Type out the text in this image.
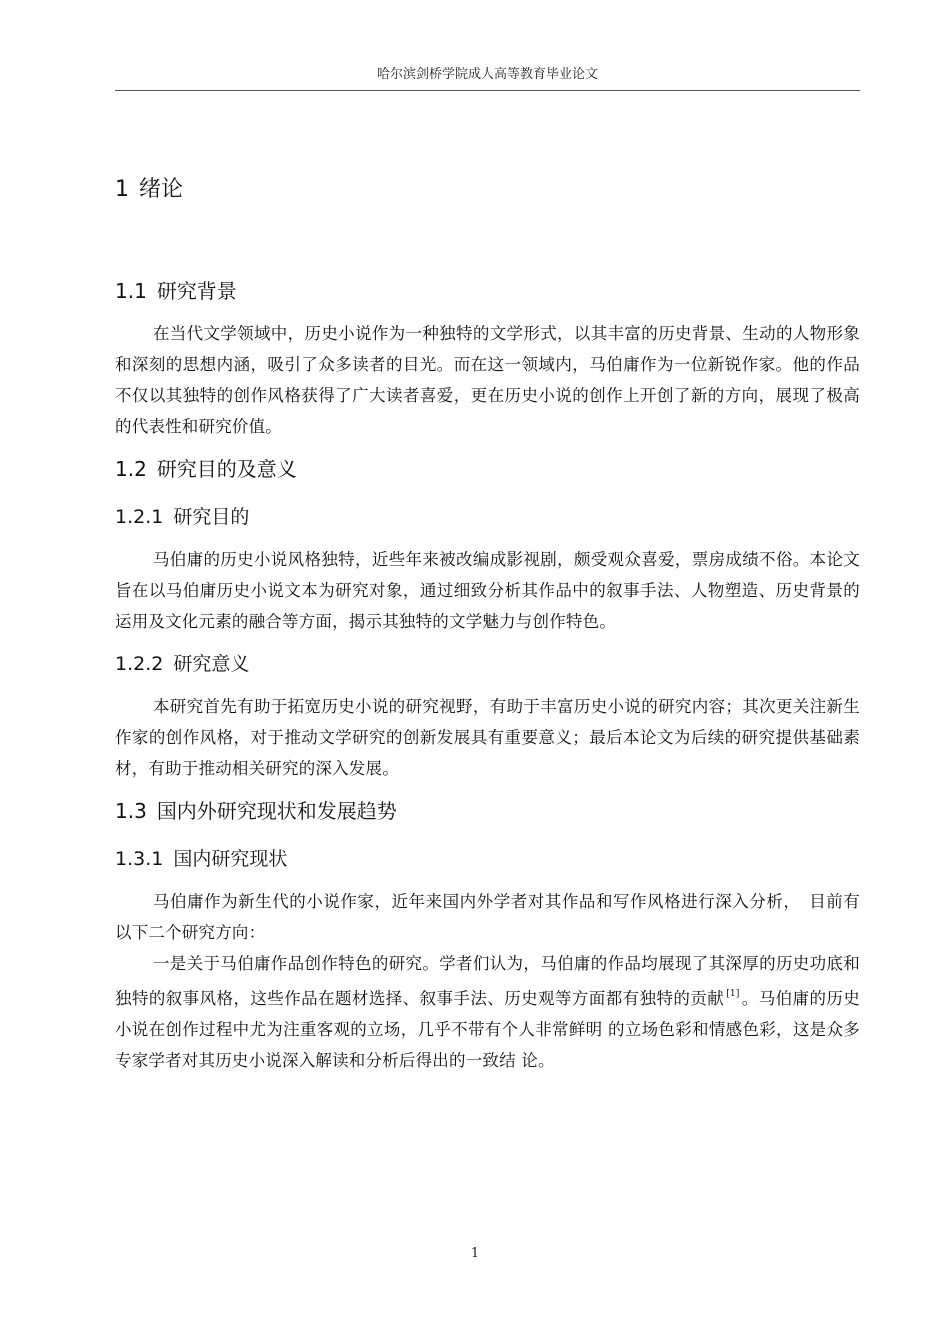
哈尔滨剑桥学院成人高等教育毕业论文
1 绪论
1.1 研究背景

在当代文学领域中，历史小说作为一种独特的文学形式，以其丰富的历史背景、生动的人物形象和深刻的思想内涵，吸引了众多读者的目光。而在这一领域内，马伯庸作为一位新锐作家。他的作品不仅以其独特的创作风格获得了广大读者喜爱，更在历史小说的创作上开创了新的方向，展现了极高的代表性和研究价值。

1.2 研究目的及意义
1.2.1 研究目的

马伯庸的历史小说风格独特，近些年来被改编成影视剧，颇受观众喜爱，票房成绩不俗。本论文旨在以马伯庸历史小说文本为研究对象，通过细致分析其作品中的叙事手法、人物塑造、历史背景的运用及文化元素的融合等方面，揭示其独特的文学魅力与创作特色。

1.2.2 研究意义

本研究首先有助于拓宽历史小说的研究视野，有助于丰富历史小说的研究内容；其次更关注新生作家的创作风格，对于推动文学研究的创新发展具有重要意义；最后本论文为后续的研究提供基础素材，有助于推动相关研究的深入发展。

1.3 国内外研究现状和发展趋势
1.3.1 国内研究现状

马伯庸作为新生代的小说作家，近年来国内外学者对其作品和写作风格进行深入分析，　目前有以下二个研究方向：

一是关于马伯庸作品创作特色的研究。学者们认为，马伯庸的作品均展现了其深厚的历史功底和独特的叙事风格，这些作品在题材选择、叙事手法、历史观等方面都有独特的贡献 [1] 。马伯庸的历史小说在创作过程中尤为注重客观的立场，几乎不带有个人非常鲜明 的立场色彩和情感色彩，这是众多专家学者对其历史小说深入解读和分析后得出的一致结 论。

1
